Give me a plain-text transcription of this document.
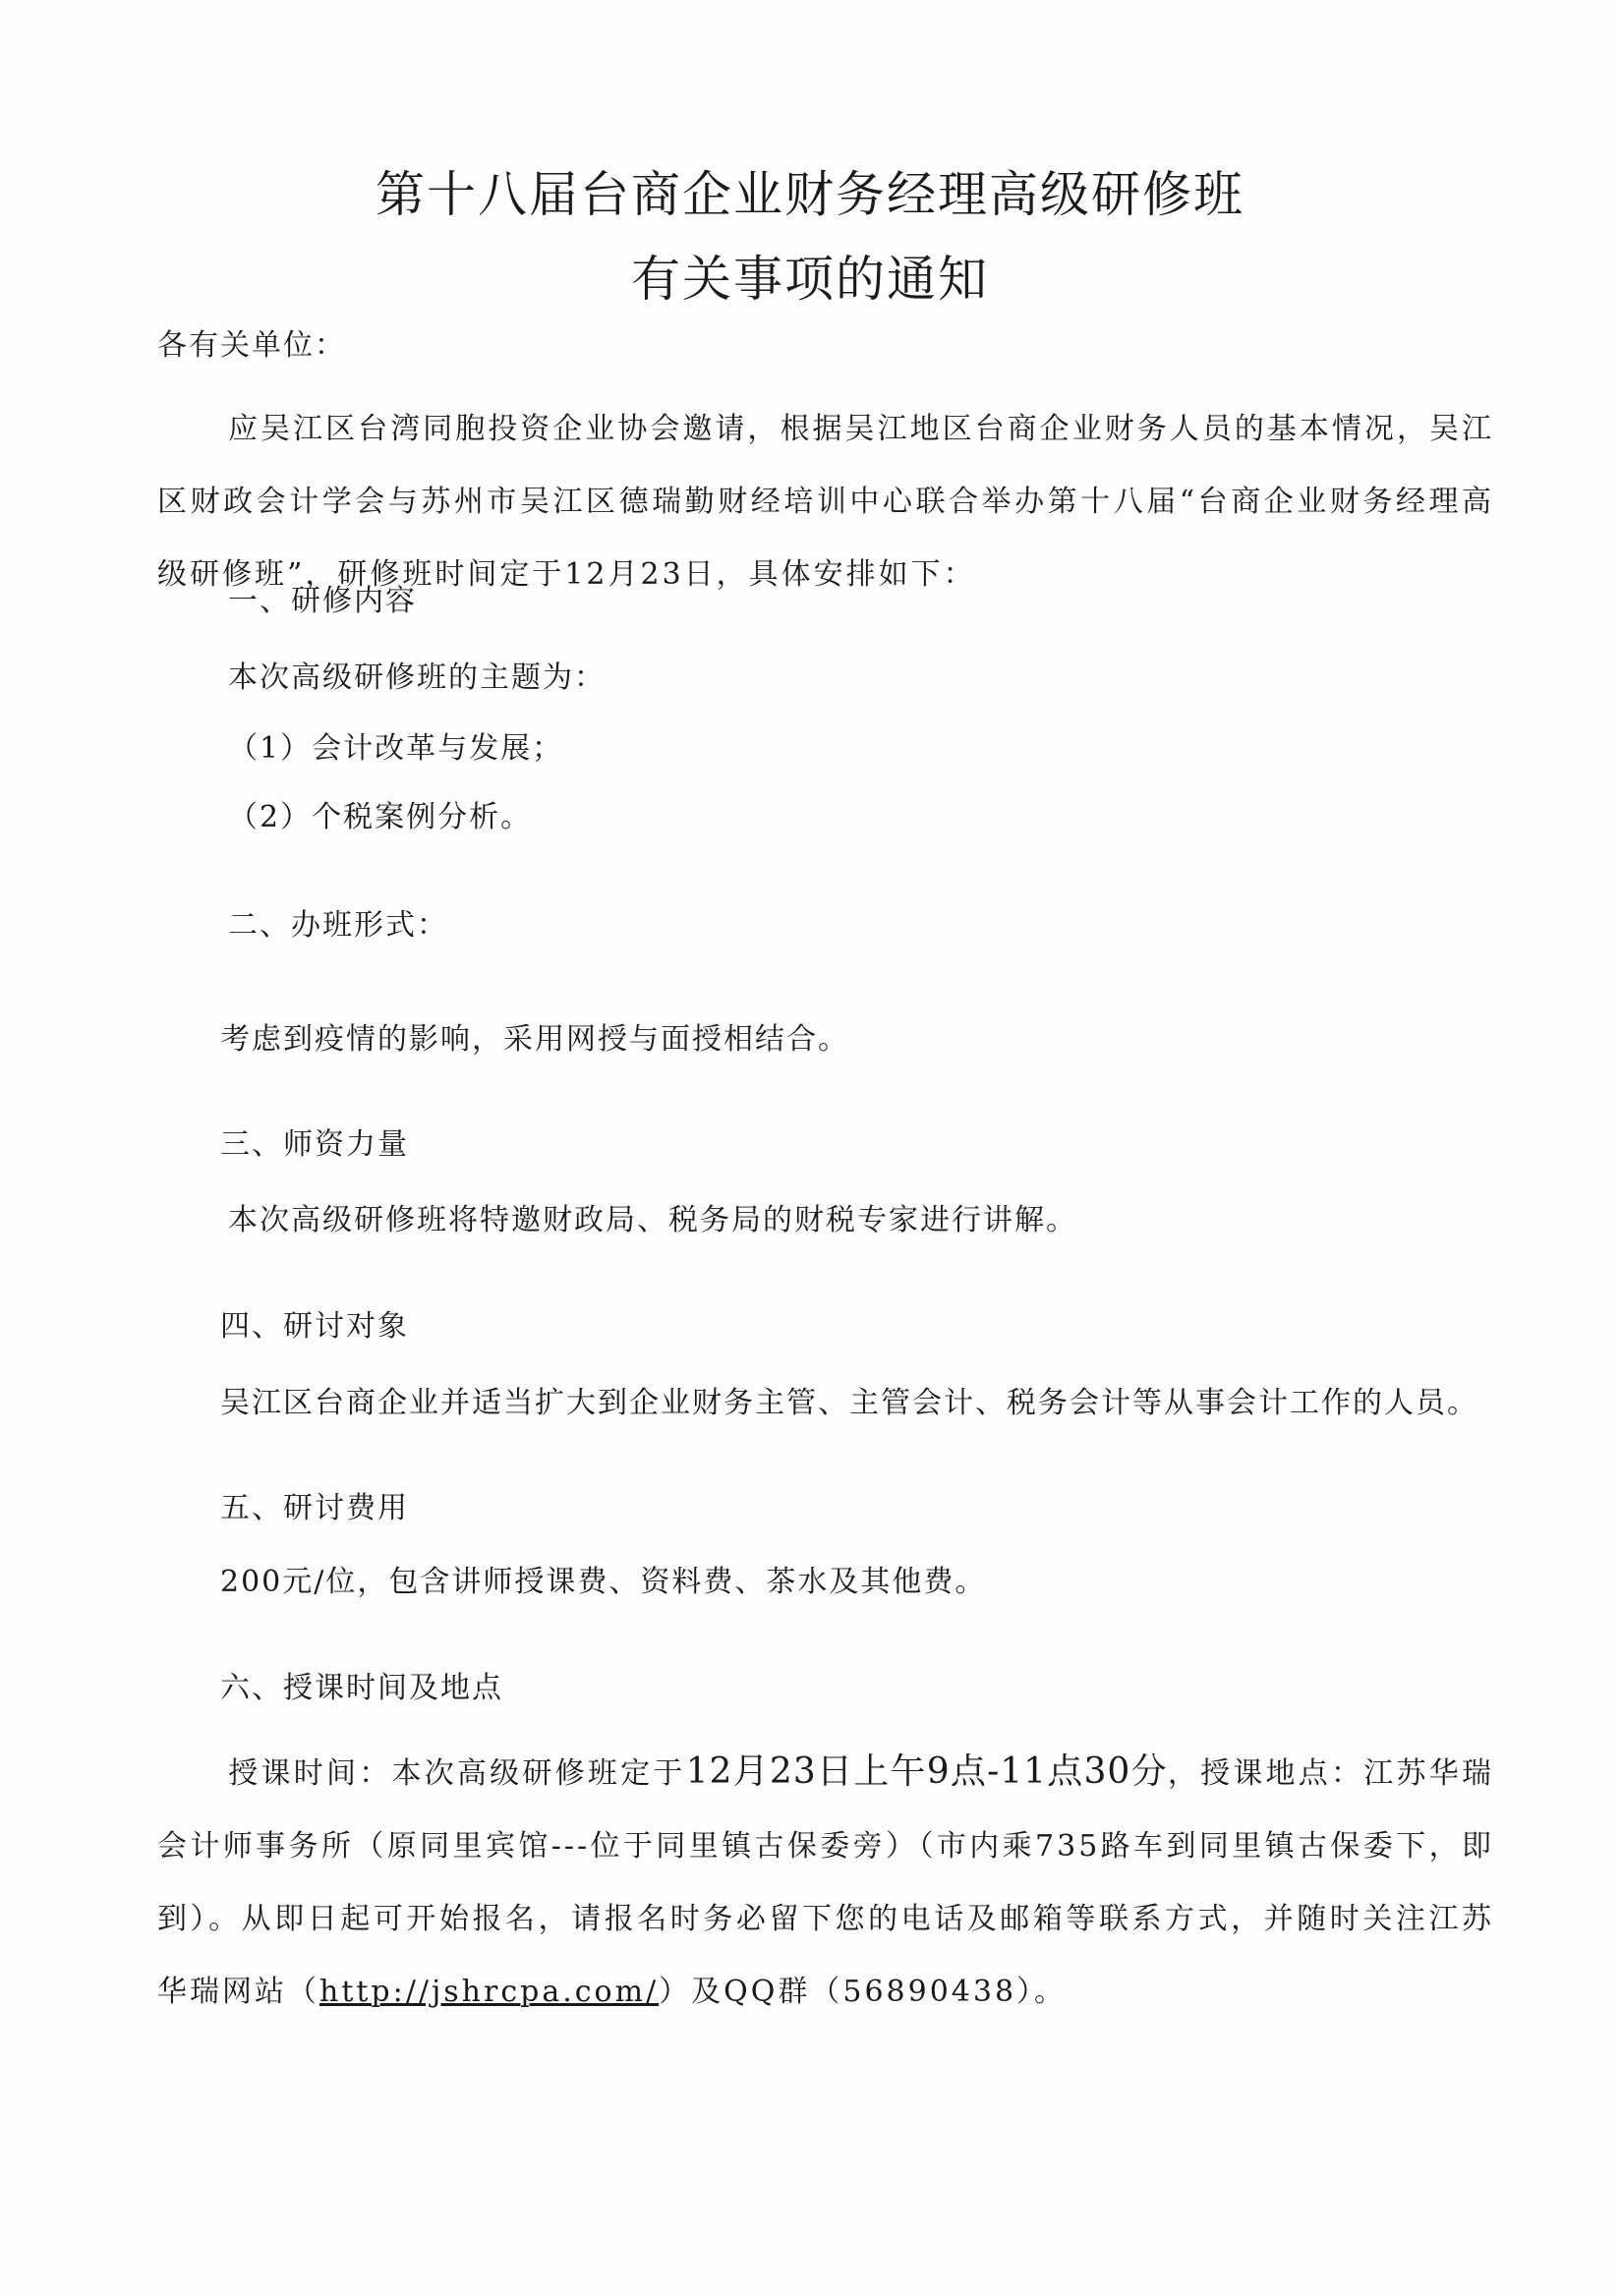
第十八届台商企业财务经理高级研修班
有关事项的通知

各有关单位：

应吴江区台湾同胞投资企业协会邀请，根据吴江地区台商企业财务人员的基本情况，吴江区财政会计学会与苏州市吴江区德瑞勤财经培训中心联合举办第十八届“台商企业财务经理高级研修班”，研修班时间定于12月23日，具体安排如下：

一、研修内容

本次高级研修班的主题为：

（1）会计改革与发展；

（2）个税案例分析。

二、办班形式：

考虑到疫情的影响，采用网授与面授相结合。

三、师资力量

本次高级研修班将特邀财政局、税务局的财税专家进行讲解。

四、研讨对象

吴江区台商企业并适当扩大到企业财务主管、主管会计、税务会计等从事会计工作的人员。

五、研讨费用

200元/位，包含讲师授课费、资料费、茶水及其他费。

六、授课时间及地点

授课时间：本次高级研修班定于12月23日上午9点-11点30分，授课地点：江苏华瑞会计师事务所（原同里宾馆---位于同里镇古保委旁）（市内乘735路车到同里镇古保委下，即到）。从即日起可开始报名，请报名时务必留下您的电话及邮箱等联系方式，并随时关注江苏华瑞网站（http://jshrcpa.com/）及QQ群（56890438）。
